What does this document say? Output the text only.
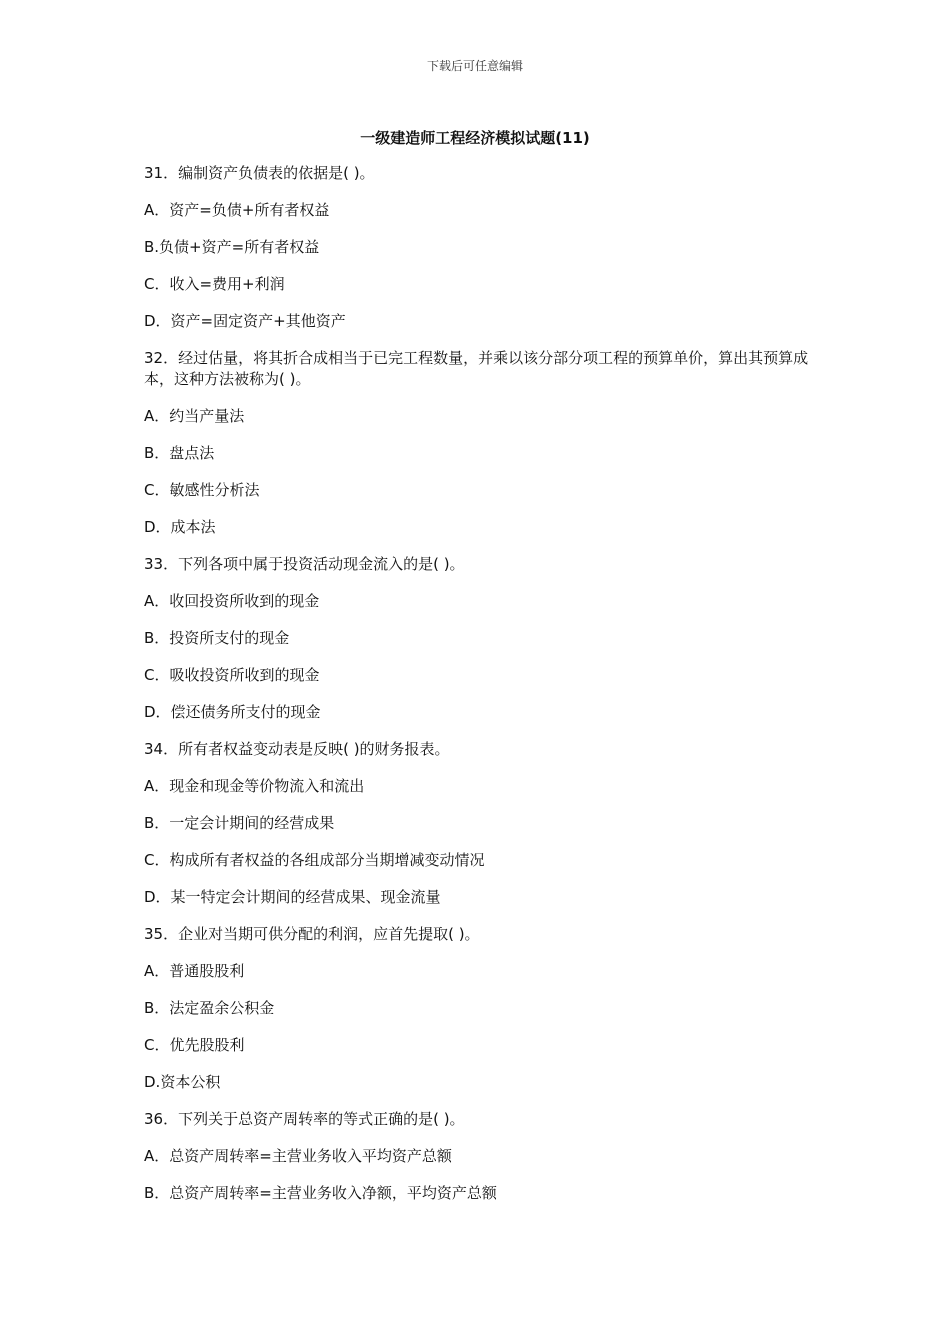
下载后可任意编辑
一级建造师工程经济模拟试题(11)

31．编制资产负债表的依据是( )。

A．资产=负债+所有者权益

B.负债+资产=所有者权益

C．收入=费用+利润

D．资产=固定资产+其他资产

32．经过估量，将其折合成相当于已完工程数量，并乘以该分部分项工程的预算单价，算出其预算成本，这种方法被称为( )。

A．约当产量法

B．盘点法

C．敏感性分析法

D．成本法

33．下列各项中属于投资活动现金流入的是( )。

A．收回投资所收到的现金

B．投资所支付的现金

C．吸收投资所收到的现金

D．偿还债务所支付的现金

34．所有者权益变动表是反映( )的财务报表。

A．现金和现金等价物流入和流出

B．一定会计期间的经营成果

C．构成所有者权益的各组成部分当期增减变动情况

D．某一特定会计期间的经营成果、现金流量

35．企业对当期可供分配的利润，应首先提取( )。

A．普通股股利

B．法定盈余公积金

C．优先股股利

D.资本公积

36．下列关于总资产周转率的等式正确的是( )。

A．总资产周转率=主营业务收入平均资产总额

B．总资产周转率=主营业务收入净额，平均资产总额
